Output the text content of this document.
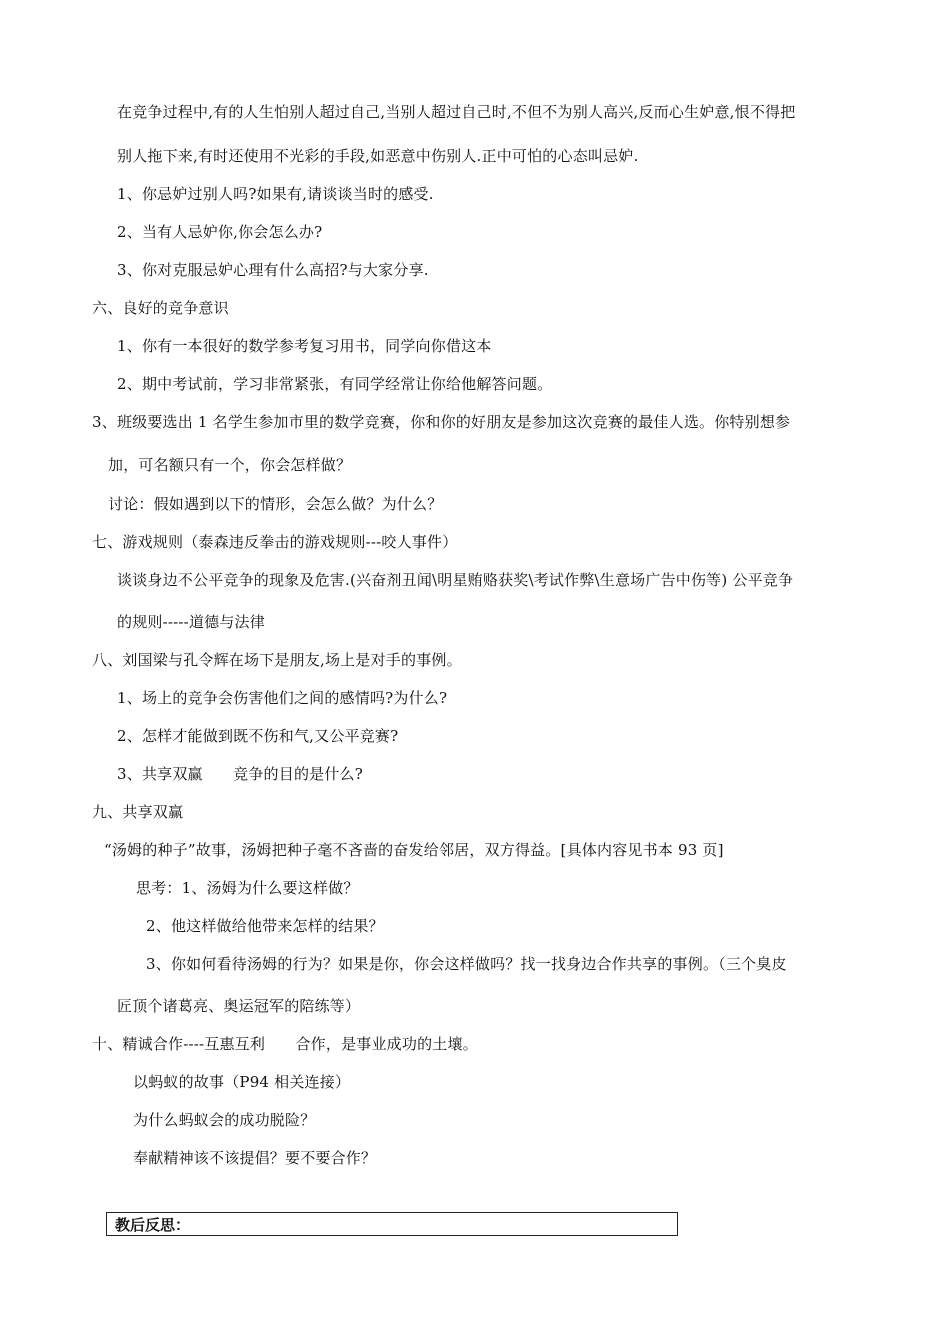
在竞争过程中,有的人生怕别人超过自己,当别人超过自己时,不但不为别人高兴,反而心生妒意,恨不得把
别人拖下来,有时还使用不光彩的手段,如恶意中伤别人.正中可怕的心态叫忌妒.
1、你忌妒过别人吗?如果有,请谈谈当时的感受.
2、当有人忌妒你,你会怎么办?
3、你对克服忌妒心理有什么高招?与大家分享.
六、良好的竞争意识
1、你有一本很好的数学参考复习用书，同学向你借这本
2、期中考试前，学习非常紧张，有同学经常让你给他解答问题。
3、班级要选出 1 名学生参加市里的数学竞赛，你和你的好朋友是参加这次竞赛的最佳人选。你特别想参
加，可名额只有一个，你会怎样做？
讨论：假如遇到以下的情形，会怎么做？为什么？
七、游戏规则（泰森违反拳击的游戏规则---咬人事件）
谈谈身边不公平竞争的现象及危害.(兴奋剂丑闻\明星贿赂获奖\考试作弊\生意场广告中伤等) 公平竞争
的规则-----道德与法律
八、刘国梁与孔令辉在场下是朋友,场上是对手的事例。
1、场上的竞争会伤害他们之间的感情吗?为什么?
2、怎样才能做到既不伤和气,又公平竞赛?
3、共享双赢　　竞争的目的是什么?
九、共享双赢
“汤姆的种子”故事，汤姆把种子毫不吝啬的奋发给邻居，双方得益。[具体内容见书本 93 页]
思考：1、汤姆为什么要这样做？
2、他这样做给他带来怎样的结果？
3、你如何看待汤姆的行为？如果是你，你会这样做吗？找一找身边合作共享的事例。（三个臭皮
匠顶个诸葛亮、奥运冠军的陪练等）
十、精诚合作----互惠互利　　合作，是事业成功的土壤。
以蚂蚁的故事（P94 相关连接）
为什么蚂蚁会的成功脱险？
奉献精神该不该提倡？要不要合作？
教后反思：
